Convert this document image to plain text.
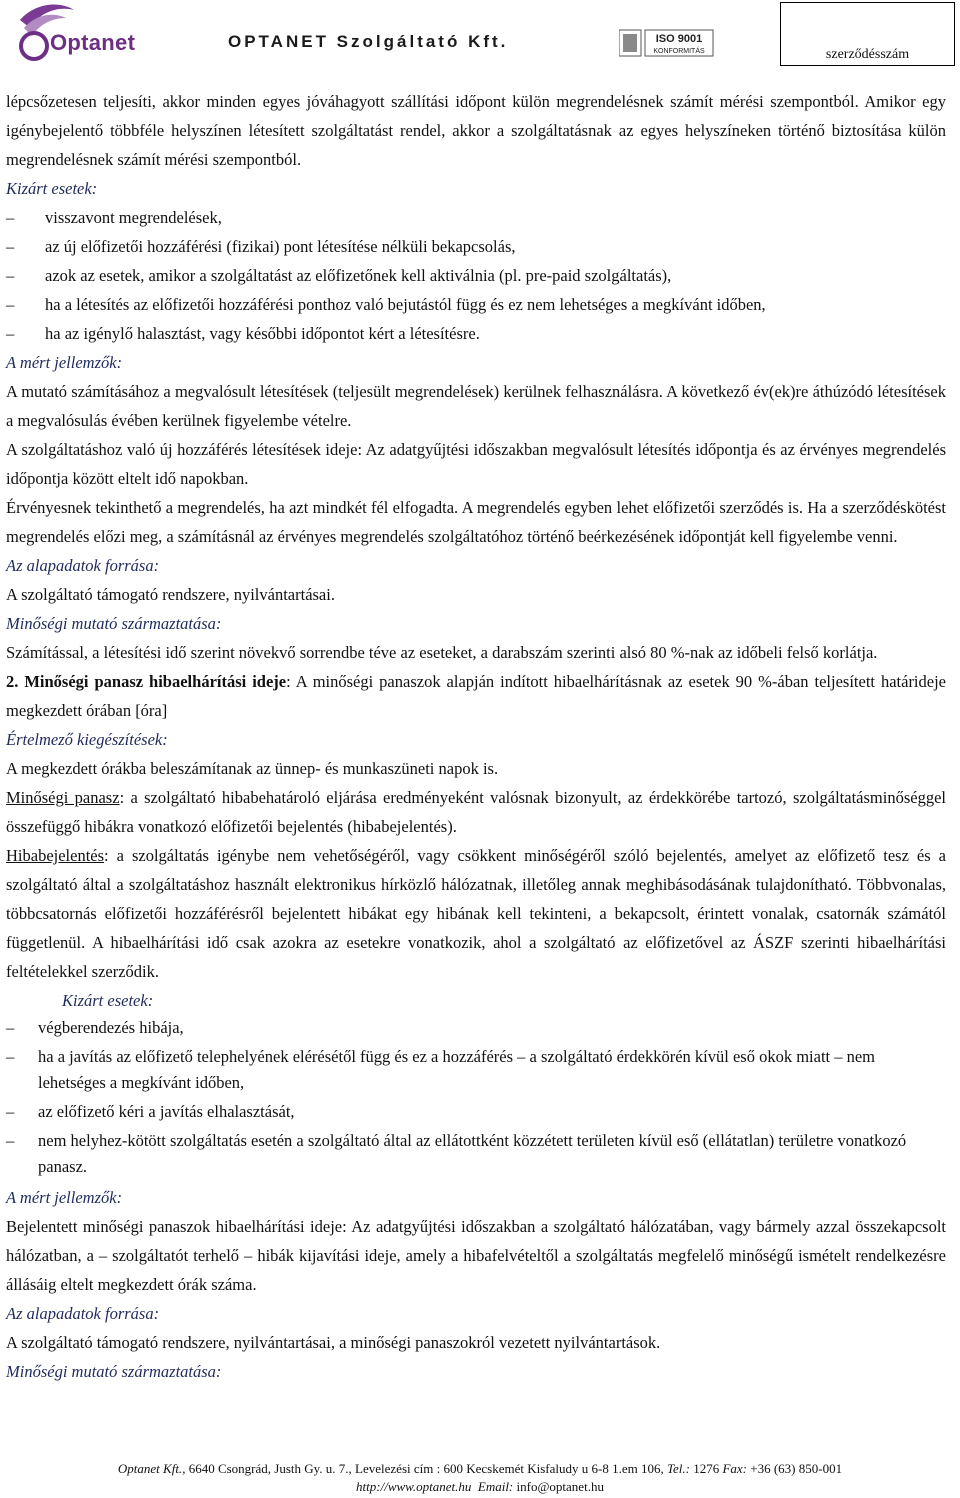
Optanet	OPTANET Szolgáltató Kft.	ISO 9001
KONFORMITÁS	szerződésszám

lépcsőzetesen teljesíti, akkor minden egyes jóváhagyott szállítási időpont külön megrendelésnek számít mérési szempontból. Amikor egy igénybejelentő többféle helyszínen létesített szolgáltatást rendel, akkor a szolgáltatásnak az egyes helyszíneken történő biztosítása külön megrendelésnek számít mérési szempontból.

Kizárt esetek:
– visszavont megrendelések,
– az új előfizetői hozzáférési (fizikai) pont létesítése nélküli bekapcsolás,
– azok az esetek, amikor a szolgáltatást az előfizetőnek kell aktiválnia (pl. pre-paid szolgáltatás),
– ha a létesítés az előfizetői hozzáférési ponthoz való bejutástól függ és ez nem lehetséges a megkívánt időben,
– ha az igénylő halasztást, vagy későbbi időpontot kért a létesítésre.
A mért jellemzők:

A mutató számításához a megvalósult létesítések (teljesült megrendelések) kerülnek felhasználásra. A következő év(ek)re áthúzódó létesítések a megvalósulás évében kerülnek figyelembe vételre.

A szolgáltatáshoz való új hozzáférés létesítések ideje: Az adatgyűjtési időszakban megvalósult létesítés időpontja és az érvényes megrendelés időpontja között eltelt idő napokban.

Érvényesnek tekinthető a megrendelés, ha azt mindkét fél elfogadta. A megrendelés egyben lehet előfizetői szerződés is. Ha a szerződéskötést megrendelés előzi meg, a számításnál az érvényes megrendelés szolgáltatóhoz történő beérkezésének időpontját kell figyelembe venni.

Az alapadatok forrása:

A szolgáltató támogató rendszere, nyilvántartásai.

Minőségi mutató származtatása:

Számítással, a létesítési idő szerint növekvő sorrendbe téve az eseteket, a darabszám szerinti alsó 80 %-nak az időbeli felső korlátja.

2. Minőségi panasz hibaelhárítási ideje: A minőségi panaszok alapján indított hibaelhárításnak az esetek 90 %-ában teljesített határideje megkezdett órában [óra]

Értelmező kiegészítések:

A megkezdett órákba beleszámítanak az ünnep- és munkaszüneti napok is.

Minőségi panasz: a szolgáltató hibabehatároló eljárása eredményeként valósnak bizonyult, az érdekkörébe tartozó, szolgáltatásminőséggel összefüggő hibákra vonatkozó előfizetői bejelentés (hibabejelentés).

Hibabejelentés: a szolgáltatás igénybe nem vehetőségéről, vagy csökkent minőségéről szóló bejelentés, amelyet az előfizető tesz és a szolgáltató által a szolgáltatáshoz használt elektronikus hírközlő hálózatnak, illetőleg annak meghibásodásának tulajdonítható. Többvonalas, többcsatornás előfizetői hozzáférésről bejelentett hibákat egy hibának kell tekinteni, a bekapcsolt, érintett vonalak, csatornák számától függetlenül. A hibaelhárítási idő csak azokra az esetekre vonatkozik, ahol a szolgáltató az előfizetővel az ÁSZF szerinti hibaelhárítási feltételekkel szerződik.

Kizárt esetek:
– végberendezés hibája,
– ha a javítás az előfizető telephelyének elérésétől függ és ez a hozzáférés – a szolgáltató érdekkörén kívül eső okok miatt – nem lehetséges a megkívánt időben,
– az előfizető kéri a javítás elhalasztását,
– nem helyhez-kötött szolgáltatás esetén a szolgáltató által az ellátottként közzétett területen kívül eső (ellátatlan) területre vonatkozó panasz.
A mért jellemzők:

Bejelentett minőségi panaszok hibaelhárítási ideje: Az adatgyűjtési időszakban a szolgáltató hálózatában, vagy bármely azzal összekapcsolt hálózatban, a – szolgáltatót terhelő – hibák kijavítási ideje, amely a hibafelvételtől a szolgáltatás megfelelő minőségű ismételt rendelkezésre állásáig eltelt megkezdett órák száma.

Az alapadatok forrása:

A szolgáltató támogató rendszere, nyilvántartásai, a minőségi panaszokról vezetett nyilvántartások.

Minőségi mutató származtatása:
Optanet Kft., 6640 Csongrád, Justh Gy. u. 7., Levelezési cím : 600 Kecskemét Kisfaludy u 6-8 1.em 106, Tel.: 1276 Fax: +36 (63) 850-001
http://www.optanet.hu Email: info@optanet.hu
